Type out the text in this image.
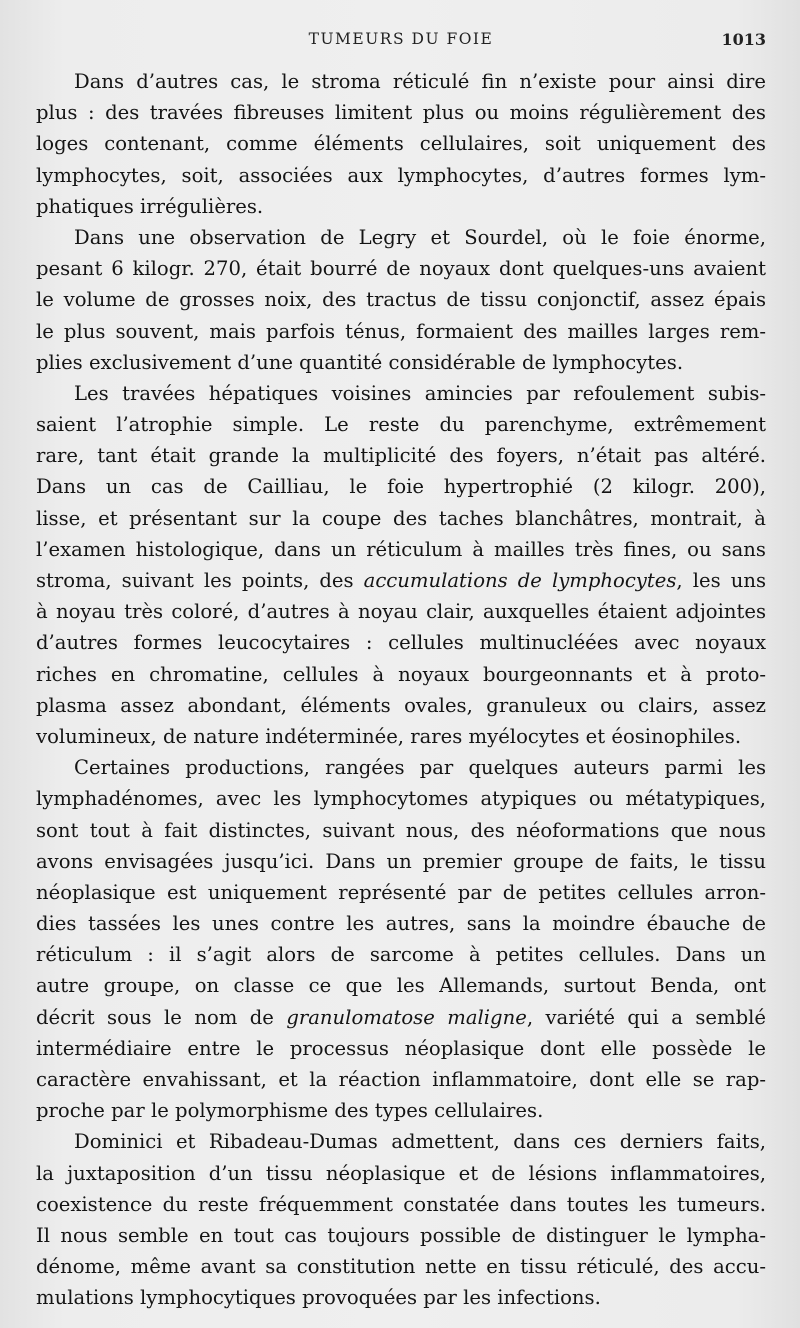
TUMEURS DU FOIE	1013
Dans d’autres cas, le stroma réticulé fin n’existe pour ainsi dire
plus : des travées fibreuses limitent plus ou moins régulièrement des
loges contenant, comme éléments cellulaires, soit uniquement des
lymphocytes, soit, associées aux lymphocytes, d’autres formes lym-
phatiques irrégulières.
Dans une observation de Legry et Sourdel, où le foie énorme,
pesant 6 kilogr. 270, était bourré de noyaux dont quelques-uns avaient
le volume de grosses noix, des tractus de tissu conjonctif, assez épais
le plus souvent, mais parfois ténus, formaient des mailles larges rem-
plies exclusivement d’une quantité considérable de lymphocytes.
Les travées hépatiques voisines amincies par refoulement subis-
saient l’atrophie simple. Le reste du parenchyme, extrêmement
rare, tant était grande la multiplicité des foyers, n’était pas altéré.
Dans un cas de Cailliau, le foie hypertrophié (2 kilogr. 200),
lisse, et présentant sur la coupe des taches blanchâtres, montrait, à
l’examen histologique, dans un réticulum à mailles très fines, ou sans
stroma, suivant les points, des accumulations de lymphocytes, les uns
à noyau très coloré, d’autres à noyau clair, auxquelles étaient adjointes
d’autres formes leucocytaires : cellules multinucléées avec noyaux
riches en chromatine, cellules à noyaux bourgeonnants et à proto-
plasma assez abondant, éléments ovales, granuleux ou clairs, assez
volumineux, de nature indéterminée, rares myélocytes et éosinophiles.
Certaines productions, rangées par quelques auteurs parmi les
lymphadénomes, avec les lymphocytomes atypiques ou métatypiques,
sont tout à fait distinctes, suivant nous, des néoformations que nous
avons envisagées jusqu’ici. Dans un premier groupe de faits, le tissu
néoplasique est uniquement représenté par de petites cellules arron-
dies tassées les unes contre les autres, sans la moindre ébauche de
réticulum : il s’agit alors de sarcome à petites cellules. Dans un
autre groupe, on classe ce que les Allemands, surtout Benda, ont
décrit sous le nom de granulomatose maligne, variété qui a semblé
intermédiaire entre le processus néoplasique dont elle possède le
caractère envahissant, et la réaction inflammatoire, dont elle se rap-
proche par le polymorphisme des types cellulaires.
Dominici et Ribadeau-Dumas admettent, dans ces derniers faits,
la juxtaposition d’un tissu néoplasique et de lésions inflammatoires,
coexistence du reste fréquemment constatée dans toutes les tumeurs.
Il nous semble en tout cas toujours possible de distinguer le lympha-
dénome, même avant sa constitution nette en tissu réticulé, des accu-
mulations lymphocytiques provoquées par les infections.
